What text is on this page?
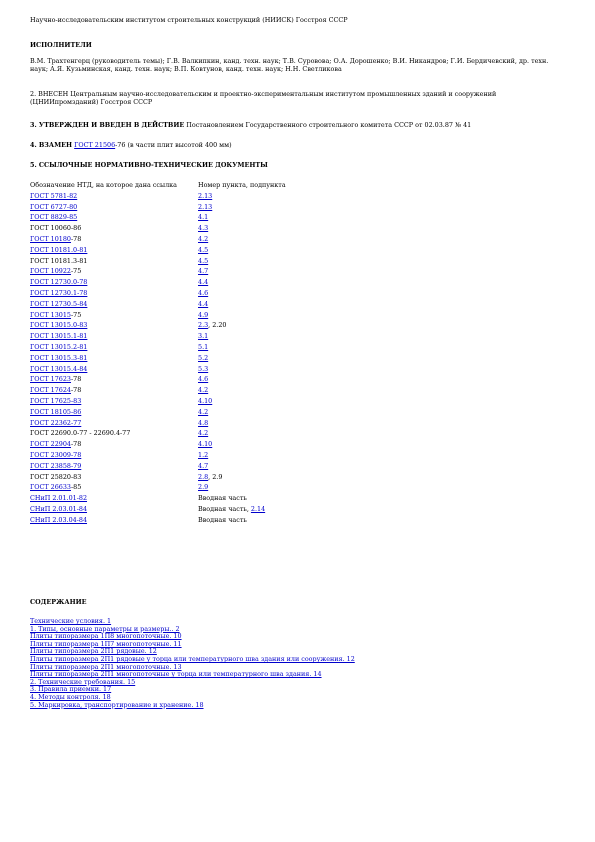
Научно-исследовательским институтом строительных конструкций (НИИСК) Госстроя СССР
ИСПОЛНИТЕЛИ
В.М. Трахтенгерц (руководитель темы); Г.В. Валкипкин, канд. техн. наук; Т.В. Суровова; О.А. Дорошенко; В.И. Никандров; Г.И. Бердичевский, др. техн. наук; А.Я. Кузьминская, канд. техн. наук; В.П. Ковтунов, канд. техн. наук; Н.Н. Светликова
2. ВНЕСЕН Центральным научно-исследовательским и проектно-экспериментальным институтом промышленных зданий и сооружений (ЦНИИпромзданий) Госстроя СССР
3. УТВЕРЖДЕН И ВВЕДЕН В ДЕЙСТВИЕ Постановлением Государственного строительного комитета СССР от 02.03.87 № 41
4. ВЗАМЕН ГОСТ 21506-76 (в части плит высотой 400 мм)
5. ССЫЛОЧНЫЕ НОРМАТИВНО-ТЕХНИЧЕСКИЕ ДОКУМЕНТЫ
Обозначение НТД, на которое дана ссылка	Номер пункта, подпункта
ГОСТ 5781-82	2.13
ГОСТ 6727-80	2.13
ГОСТ 8829-85	4.1
ГОСТ 10060-86	4.3
ГОСТ 10180-78	4.2
ГОСТ 10181.0-81	4.5
ГОСТ 10181.3-81	4.5
ГОСТ 10922-75	4.7
ГОСТ 12730.0-78	4.4
ГОСТ 12730.1-78	4.6
ГОСТ 12730.5-84	4.4
ГОСТ 13015-75	4.9
ГОСТ 13015.0-83	2.3, 2.20
ГОСТ 13015.1-81	3.1
ГОСТ 13015.2-81	5.1
ГОСТ 13015.3-81	5.2
ГОСТ 13015.4-84	5.3
ГОСТ 17623-78	4.6
ГОСТ 17624-78	4.2
ГОСТ 17625-83	4.10
ГОСТ 18105-86	4.2
ГОСТ 22362-77	4.8
ГОСТ 22690.0-77 - 22690.4-77	4.2
ГОСТ 22904-78	4.10
ГОСТ 23009-78	1.2
ГОСТ 23858-79	4.7
ГОСТ 25820-83	2.8, 2.9
ГОСТ 26633-85	2.9
СНиП 2.01.01-82	Вводная часть
СНиП 2.03.01-84	Вводная часть, 2.14
СНиП 2.03.04-84	Вводная часть
СОДЕРЖАНИЕ
Технические условия. 1
1. Типы, основные параметры и размеры.. 2
Плиты типоразмера 1П8 многопоточные. 10
Плиты типоразмера 1П7 многопоточные. 11
Плиты типоразмера 2П1 рядовые. 12
Плиты типоразмера 2П1 рядовые у торца или температурного шва здания или сооружения. 12
Плиты типоразмера 2П1 многопоточные. 13
Плиты типоразмера 2П1 многопоточные у торца или температурного шва здания. 14
2. Технические требования. 15
3. Правила приемки. 17
4. Методы контроля. 18
5. Маркировка, транспортирование и хранение. 18
